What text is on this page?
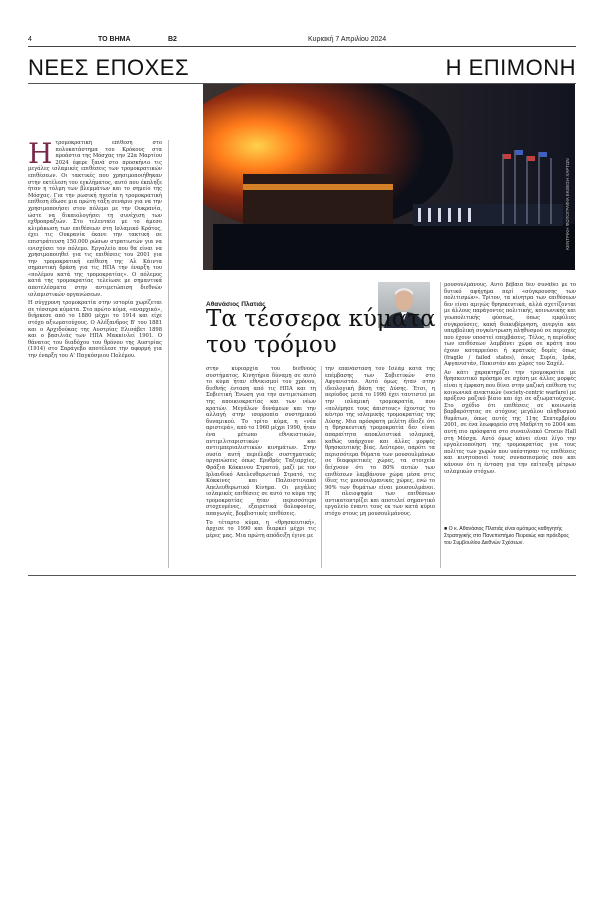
4	TO BHMA	B2	Κυριακή 7 Απριλίου 2024
ΝΕΕΣ ΕΠΟΧΕΣ	Η ΕΠΙΜΟΝΗ
ΚΕΝΤΡΙΚΗ ΦΩΤΟΓΡΑΦΙΑ ΕΚΘΕΣΗ ΧΑΡΤΩΝ
Η τρομοκρατική επίθεση στο πολυκατάστημα του Κρόκους στα προάστια της Μόσχας την 22α Μαρτίου 2024 έφερε ξανά στο προσκήνιο τις μεγάλες ισλαμικές επιθέσεις των τρομοκρατικών επιθέσεων. Οι τακτικές που χρησιμοποιήθηκαν στην εκτέλεση του εγκλήματος, αυτό που έκπληξε ήταν η τόλμη των βλεμμάτων και το σημείο της Μόσχας. Για την ρωσική ηγεσία η τρομοκρατική επίθεση έδωσε μια πρώτη τάξη σενάριο για να την χρησιμοποιήσει στον πόλεμο με την Ουκρανία, ώστε να δικαιολογήσει τη συνέχιση των εχθροπραξιών. Στο τελευταίο με το άμεσο κλιμάκωση των επιθέσεων στη Ισλαμικό Κράτος, έχει τις Ουκρανία έκανε την τακτική σε επιστράτευση 150.000 ρώσων στρατιωτών για να ενισχύσει τον πόλεμο. Εργαλείο που θα είναι να χρησιμοποιηθεί για τις επιθέσεις του 2001 για την τρομοκρατική επίθεση της Αλ Κάιντα σημαντική δράση για τις ΗΠΑ την έναρξη του «πολέμου κατά της τρομοκρατίας». Ο πόλεμος κατά της τρομοκρατίας τελείωσε με σημαντικά αποτελέσματα στην αντιμετώπιση διεθνών ισλαμιστικών οργανώσεων.

Η σύγχρονη τρομοκρατία στην ιστορία χωρίζεται σε τέσσερα κύματα. Στο πρώτο κύμα, «αναρχικό», διήρκεσε από το 1880 μέχρι το 1914 και είχε στόχο αξιωματούχους. Ο Αλέξανδρος Β' του 1881 και ο Αρχιδούκας της Αυστρίας Ελισάβετ 1898 και ο βασιλιάς των ΗΠΑ Μακκίνλεϊ 1901. Ο θάνατος του διαδόχου του θρόνου της Αυστρίας (1914) στο Σαράγεβο αποτέλεσε την αφορμή για την έναρξη του Α' Παγκόσμιου Πολέμου.

Αθανάσιος Πλατιάς
Τα τέσσερα κύματα του τρόμου

στην κυριαρχία του διεθνούς συστήματος. Κινητήρια δύναμη σε αυτό το κύμα ήταν εθνικισμοί του χρόνου, διεθνής ένταση από τις ΗΠΑ και τη Σοβιετική Ένωση για την αντιμετώπιση της αποικιοκρατίας και των νέων κρατών. Μεγάλων δυνάμεων και την αλλαγή στην ισορροπία συστημικού δυναμικού. Το τρίτο κύμα, η «νέα αριστερά», από το 1960 μέχρι 1990, ήταν ένα μέτωπο εθνικιστικών, αντιμιλιταριστικών και αντιιμπεριαλιστικών κινημάτων. Στην ουσία αυτή περιέλαβε συστηματικές οργανώσεις όπως Ερυθρές Ταξιαρχίες, Φράξια Κόκκινου Στρατού, μαζί με τον Ιρλανδικό Απελευθερωτικό Στρατό, τις Κόκκινες και Παλαιστινιακό Απελευθερωτικό Κίνημα. Οι μεγάλες ισλαμικές επιθέσεις σε αυτό το κύμα της τρομοκρατίας ήταν περισσότερο στοχευμένες, εξαιρετικά δολοφονίες, απαγωγές, βομβιστικές επιθέσεις.

Το τέταρτο κύμα, η «θρησκευτική», άρχισε το 1990 και διαρκεί μέχρι τις μέρες μας. Μια πρώτη απόδειξη έγινε με

την επανάσταση του Ισλάμ κατά της επέμβασης των Σοβιετικών στο Αφγανιστάν. Αυτό όμως ήταν στην ιδεολογική βάση της Δύσης. Έτσι, η περίοδος μετά το 1990 έχει ταυτιστεί με την ισλαμική τρομοκρατία, που «πολέμησε τους άπιστους» έχοντας το κέντρο της ισλαμικής τρομοκρατίας της Δύσης. Μια πρόσφατη μελέτη έδειξε ότι η θρησκευτική τρομοκρατία δεν είναι απαραίτητα αποκλειστικά ισλαμική, καθώς υπάρχουν και άλλες μορφές θρησκευτικής βίας. Δεύτερον, παρότι τα περισσότερα θύματα των μουσουλμάνων σε διαφορετικές χώρες, τα στοιχεία δείχνουν ότι το 80% αυτών των επιθέσεων λαμβάνουν χώρα μέσα στις ίδιες τις μουσουλμανικές χώρες, ενώ το 90% των θυμάτων είναι μουσουλμάνοι. Η πλειοψηφία των επιθέσεων αντικατοπτρίζει και αποτελεί σημαντικό εργαλείο έναντι τους εκ των κατά κύριο στόχο στους μη μουσουλμάνους.

μουσουλμάνους. Αυτό βέβαια δεν συνάδει με το δυτικό αφήγημα περί «σύγκρουσης των πολιτισμών». Τρίτον, τα κίνητρα των επιθέσεων δεν είναι αμιγώς θρησκευτικά, αλλά σχετίζονται με άλλους παράγοντες πολιτικής, κοινωνικής και γεωπολιτικής φύσεως, όπως εμφύλιες συγκρούσεις, κακή διακυβέρνηση, ανεργία και υπερβολική συγκέντρωση πληθυσμού σε περιοχές που έχουν υποστεί επεμβάσεις. Τέλος, η περίοδος των επιθέσεων λαμβάνει χώρα σε κράτη που έχουν καταρρεύσει ή κρατικές δομές όπως (fragile / failed states), όπως Συρία, Ιράκ, Αφγανιστάν, Πακιστάν και χώρες του Σαχέλ.

Αν κάτι χαρακτηρίζει την τρομοκρατία με θρησκευτικό πρόσημο σε σχέση με άλλες μορφές είναι η έμφαση που δίνει στην μαζική επίθεση τις κοινωνικά ανεκτικών (society-centric warfare) με πρόξενο μαζικό βίαιο και όχι σε αξιωματούχους. Στο σχέδιο ότι επιθέσεις σε κοινωνία βαρβαρότητας σε στόχους μεγάλου πληθυσμού θυμάτων, όπως αυτές της 11ης Σεπτεμβρίου 2001, σε ένα λεωφορείο στη Μαδρίτη το 2004 και αυτή πιο πρόσφατα στο συναυλιακό Crocus Hall στη Μόσχα. Αυτό όμως κάνει είναι λίγο την εργαλειοποίηση της τρομοκρατίας για τους πολίτες των χωρών που υπέστησαν τις επιθέσεις και κινητοποιεί τους συνασπισμούς που και κάνουν ότι η ένταση για την επίτευξη μέτρων ισλαμικών στόχων.

■ Ο κ. Αθανάσιος Πλατιάς είναι ομότιμος καθηγητής Στρατηγικής στο Πανεπιστήμιο Πειραιώς και πρόεδρος του Συμβουλίου Διεθνών Σχέσεων.
